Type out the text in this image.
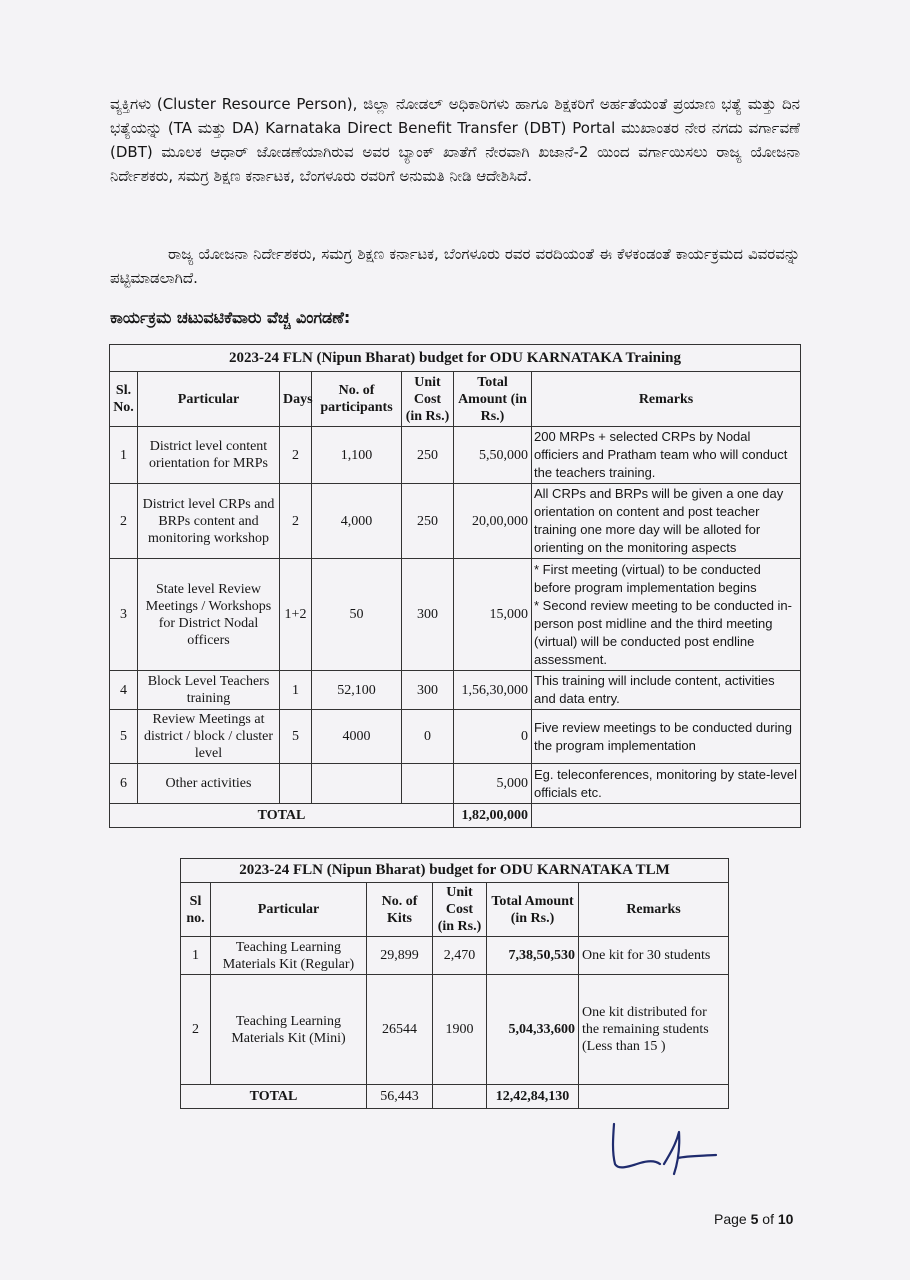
ವ್ಯಕ್ತಿಗಳು (Cluster Resource Person), ಜಿಲ್ಲಾ ನೋಡಲ್ ಅಧಿಕಾರಿಗಳು ಹಾಗೂ ಶಿಕ್ಷಕರಿಗೆ ಅರ್ಹತೆಯಂತೆ ಪ್ರಯಾಣ ಭತ್ಯೆ ಮತ್ತು ದಿನ ಭತ್ಯೆಯನ್ನು (TA ಮತ್ತು DA) Karnataka Direct Benefit Transfer (DBT) Portal ಮುಖಾಂತರ ನೇರ ನಗದು ವರ್ಗಾವಣೆ (DBT) ಮೂಲಕ ಆಧಾರ್ ಜೋಡಣೆಯಾಗಿರುವ ಅವರ ಬ್ಯಾಂಕ್ ಖಾತೆಗೆ ನೇರವಾಗಿ ಖಜಾನೆ-2 ಯಿಂದ ವರ್ಗಾಯಿಸಲು ರಾಜ್ಯ ಯೋಜನಾ ನಿರ್ದೇಶಕರು, ಸಮಗ್ರ ಶಿಕ್ಷಣ ಕರ್ನಾಟಕ, ಬೆಂಗಳೂರು ರವರಿಗೆ ಅನುಮತಿ ನೀಡಿ ಆದೇಶಿಸಿದೆ.

ರಾಜ್ಯ ಯೋಜನಾ ನಿರ್ದೇಶಕರು, ಸಮಗ್ರ ಶಿಕ್ಷಣ ಕರ್ನಾಟಕ, ಬೆಂಗಳೂರು ರವರ ವರದಿಯಂತೆ ಈ ಕೆಳಕಂಡಂತೆ ಕಾರ್ಯಕ್ರಮದ ವಿವರವನ್ನು ಪಟ್ಟಿಮಾಡಲಾಗಿದೆ.

ಕಾರ್ಯಕ್ರಮ ಚಟುವಟಿಕೆವಾರು ವೆಚ್ಚ ವಿಂಗಡಣೆ:
2023-24 FLN (Nipun Bharat) budget for ODU KARNATAKA Training						
Sl. No.	Particular	Days	No. of participants	Unit Cost (in Rs.)	Total Amount (in Rs.)	Remarks
1	District level content orientation for MRPs	2	1,100	250	5,50,000	200 MRPs + selected CRPs by Nodal officiers and Pratham team who will conduct the teachers training.
2	District level CRPs and BRPs content and monitoring workshop	2	4,000	250	20,00,000	All CRPs and BRPs will be given a one day orientation on content and post teacher training one more day will be alloted for orienting on the monitoring aspects
3	State level Review Meetings / Workshops for District Nodal officers	1+2	50	300	15,000	* First meeting (virtual) to be conducted before program implementation begins
* Second review meeting to be conducted in-person post midline and the third meeting (virtual) will be conducted post endline assessment.
4	Block Level Teachers training	1	52,100	300	1,56,30,000	This training will include content, activities and data entry.
5	Review Meetings at district / block / cluster level	5	4000	0	0	Five review meetings to be conducted during the program implementation
6	Other activities				5,000	Eg. teleconferences, monitoring by state-level officials etc.
TOTAL					1,82,00,000	
2023-24 FLN (Nipun Bharat) budget for ODU KARNATAKA TLM					
Sl no.	Particular	No. of Kits	Unit Cost (in Rs.)	Total Amount (in Rs.)	Remarks
1	Teaching Learning Materials Kit (Regular)	29,899	2,470	7,38,50,530	One kit for 30 students
2	Teaching Learning Materials Kit (Mini)	26544	1900	5,04,33,600	One kit distributed for the remaining students (Less than 15 )
TOTAL		56,443		12,42,84,130	
Page 5 of 10
